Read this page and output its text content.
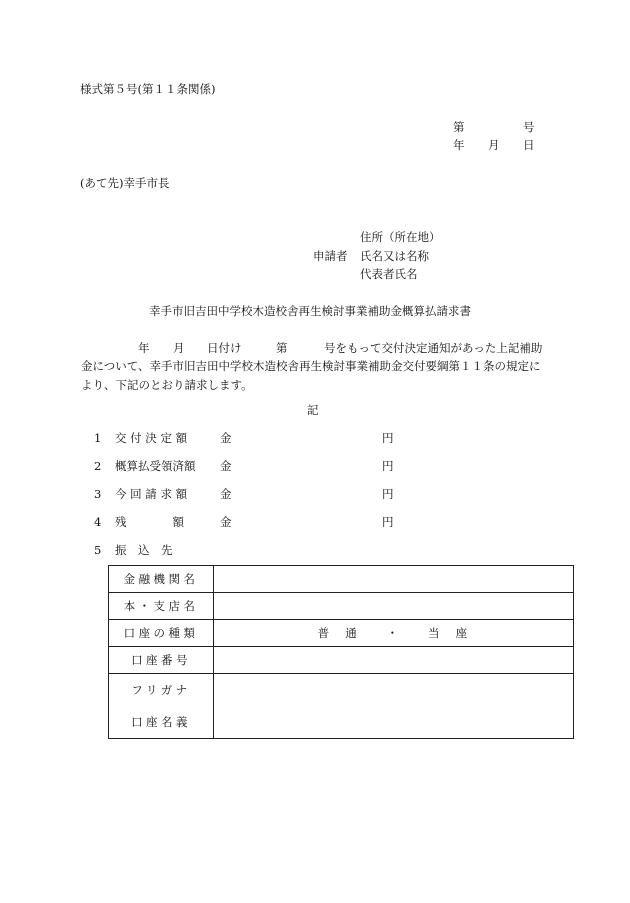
様式第５号(第１１条関係)
第	号
年 月 日
(あて先)幸手市長
住所（所在地）
申請者 氏名又は名称
代表者氏名
幸手市旧吉田中学校木造校舎再生検討事業補助金概算払請求書
年 月 日付け	第	号をもって交付決定通知があった上記補助
金について、幸手市旧吉田中学校木造校舎再生検討事業補助金交付要綱第１１条の規定に
より、下記のとおり請求します。
記
1 交 付 決 定 額	金	円
2 概算払受領済額 金	円
3 今 回 請 求 額	金	円
4 残　　　　額	金	円
5 振　込　先
金融機関名	
本・支店名	
口座の種類	普　通　　・　　当　座
口座番号	

フリガナ
口座名義	
